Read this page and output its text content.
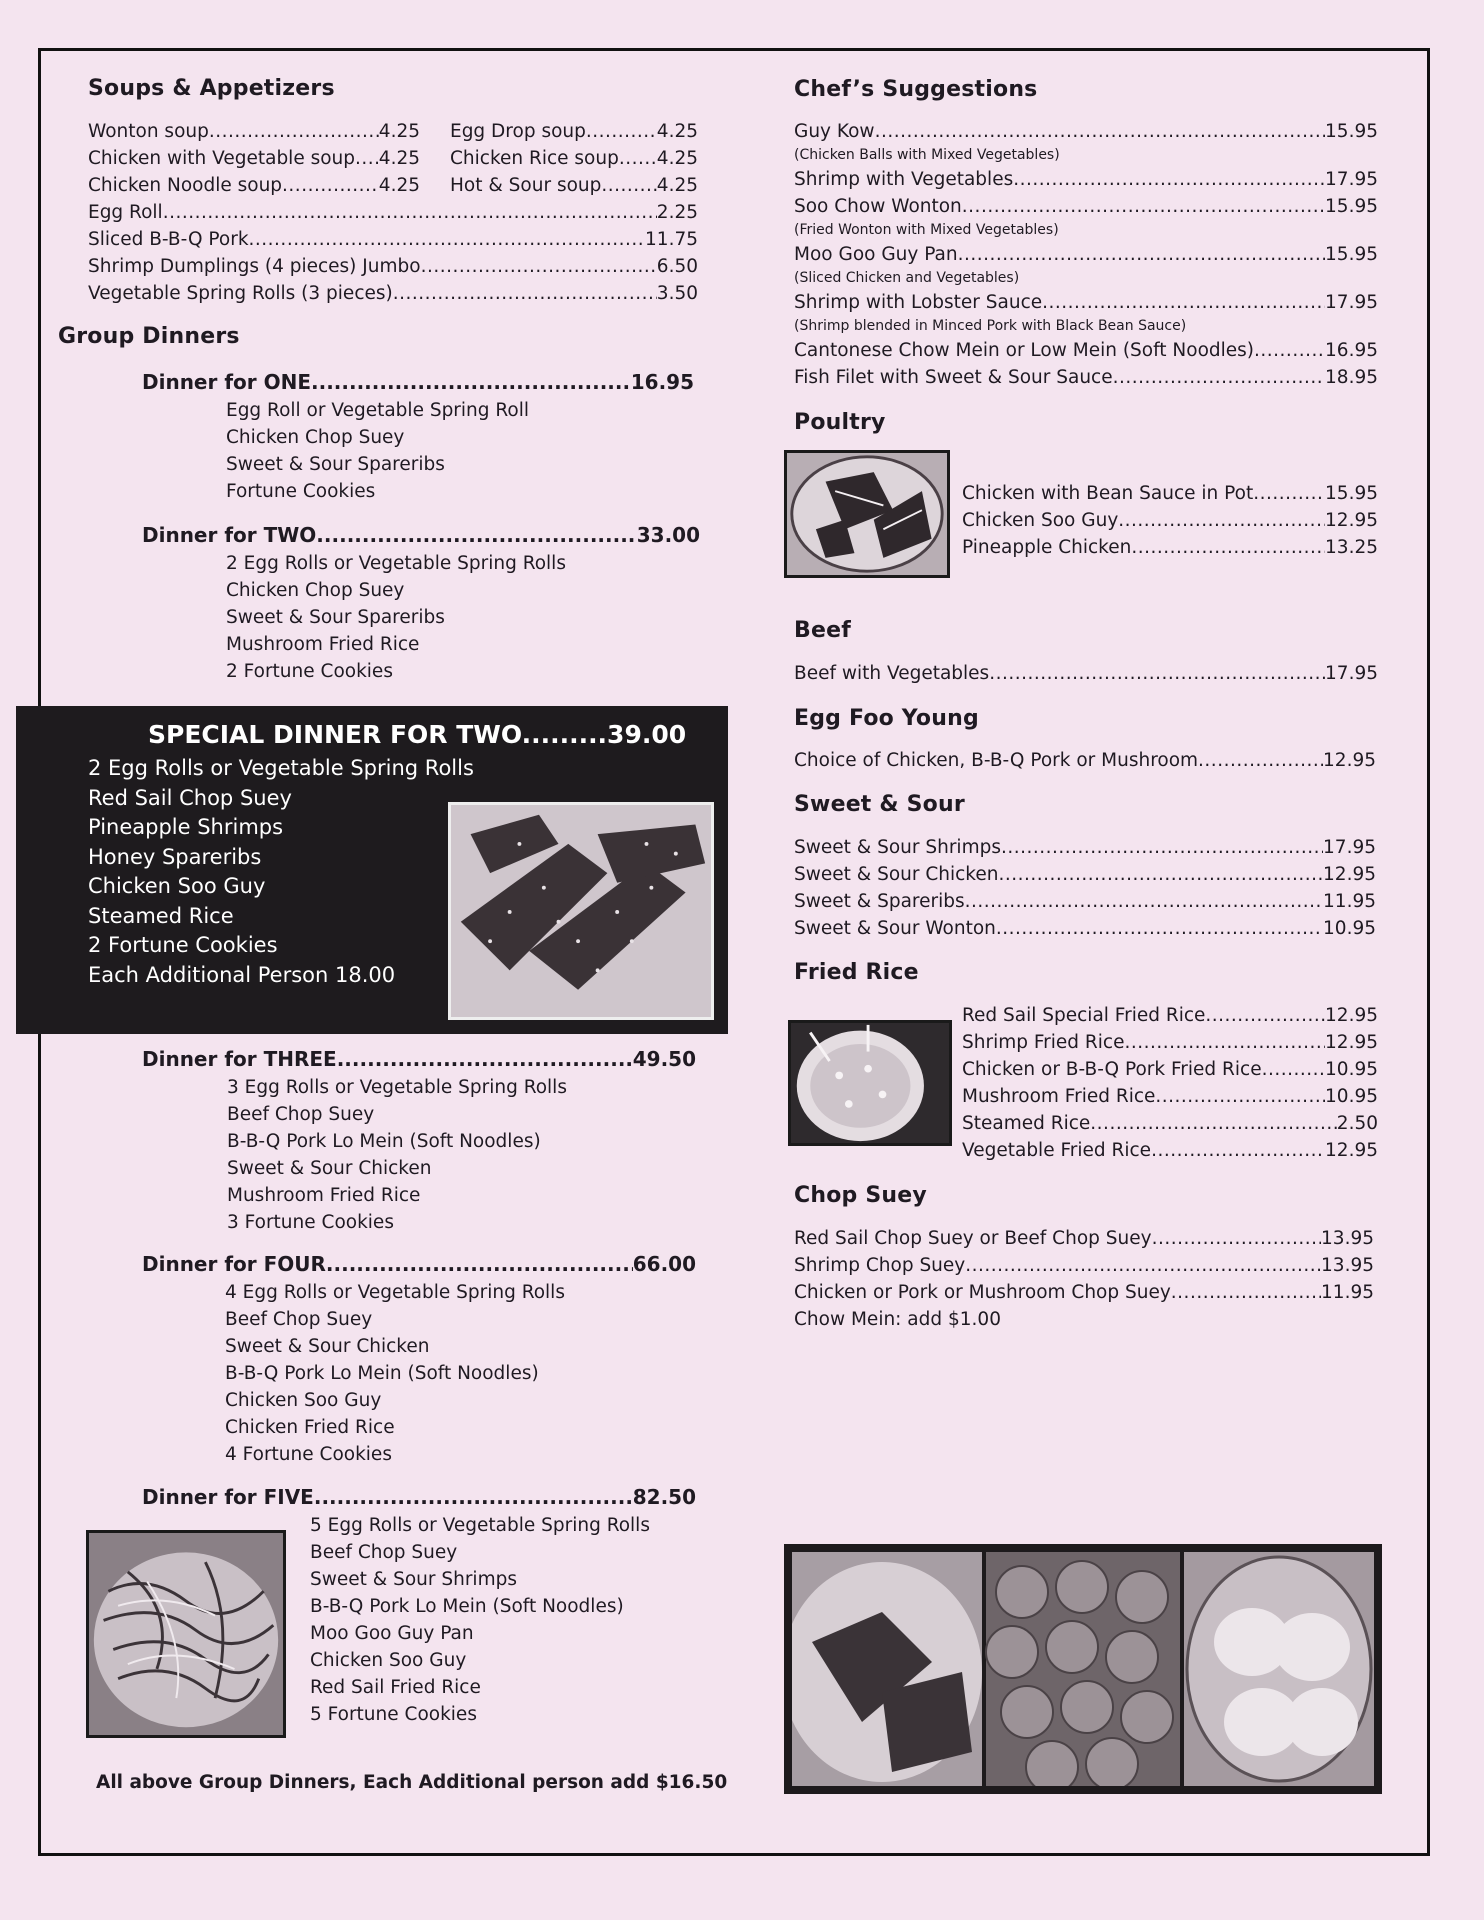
Soups & Appetizers
Wonton soup .....	4.25
Chicken with Vegetable soup ..... 4.25
Chicken Noodle soup .....	4.25
Egg Drop soup .....	4.25
Chicken Rice soup ..... 4.25
Hot & Sour soup .....	4.25
Egg Roll .....	2.25
Sliced B-B-Q Pork .....	11.75
Shrimp Dumplings (4 pieces) Jumbo .....	6.50
Vegetable Spring Rolls (3 pieces) .....	3.50
Group Dinners
Dinner for ONE .....	16.95
Egg Roll or Vegetable Spring Roll
Chicken Chop Suey
Sweet & Sour Spareribs
Fortune Cookies
Dinner for TWO .....	33.00
2 Egg Rolls or Vegetable Spring Rolls
Chicken Chop Suey
Sweet & Sour Spareribs
Mushroom Fried Rice
2 Fortune Cookies
SPECIAL DINNER FOR TWO.........39.00
2 Egg Rolls or Vegetable Spring Rolls
Red Sail Chop Suey
Pineapple Shrimps
Honey Spareribs
Chicken Soo Guy
Steamed Rice
2 Fortune Cookies
Each Additional Person 18.00
Dinner for THREE .....	49.50
3 Egg Rolls or Vegetable Spring Rolls
Beef Chop Suey
B-B-Q Pork Lo Mein (Soft Noodles)
Sweet & Sour Chicken
Mushroom Fried Rice
3 Fortune Cookies
Dinner for FOUR .....	66.00
4 Egg Rolls or Vegetable Spring Rolls
Beef Chop Suey
Sweet & Sour Chicken
B-B-Q Pork Lo Mein (Soft Noodles)
Chicken Soo Guy
Chicken Fried Rice
4 Fortune Cookies
Dinner for FIVE .....	82.50
5 Egg Rolls or Vegetable Spring Rolls
Beef Chop Suey
Sweet & Sour Shrimps
B-B-Q Pork Lo Mein (Soft Noodles)
Moo Goo Guy Pan
Chicken Soo Guy
Red Sail Fried Rice
5 Fortune Cookies
All above Group Dinners, Each Additional person add $16.50
Chef’s Suggestions
Guy Kow .....	15.95
(Chicken Balls with Mixed Vegetables)
Shrimp with Vegetables .....	17.95
Soo Chow Wonton .....	15.95
(Fried Wonton with Mixed Vegetables)
Moo Goo Guy Pan .....	15.95
(Sliced Chicken and Vegetables)
Shrimp with Lobster Sauce .....	17.95
(Shrimp blended in Minced Pork with Black Bean Sauce)
Cantonese Chow Mein or Low Mein (Soft Noodles) .....	16.95
Fish Filet with Sweet & Sour Sauce .....	18.95
Poultry
Chicken with Bean Sauce in Pot .....	15.95
Chicken Soo Guy .....	12.95
Pineapple Chicken .....	13.25
Beef
Beef with Vegetables .....	17.95
Egg Foo Young
Choice of Chicken, B-B-Q Pork or Mushroom .....	12.95
Sweet & Sour
Sweet & Sour Shrimps .....	17.95
Sweet & Sour Chicken .....	12.95
Sweet & Spareribs .....	11.95
Sweet & Sour Wonton .....	10.95
Fried Rice
Red Sail Special Fried Rice .....	12.95
Shrimp Fried Rice .....	12.95
Chicken or B-B-Q Pork Fried Rice .....	10.95
Mushroom Fried Rice .....	10.95
Steamed Rice .....	2.50
Vegetable Fried Rice .....	12.95
Chop Suey
Red Sail Chop Suey or Beef Chop Suey .....	13.95
Shrimp Chop Suey .....	13.95
Chicken or Pork or Mushroom Chop Suey .....	11.95
Chow Mein: add $1.00
